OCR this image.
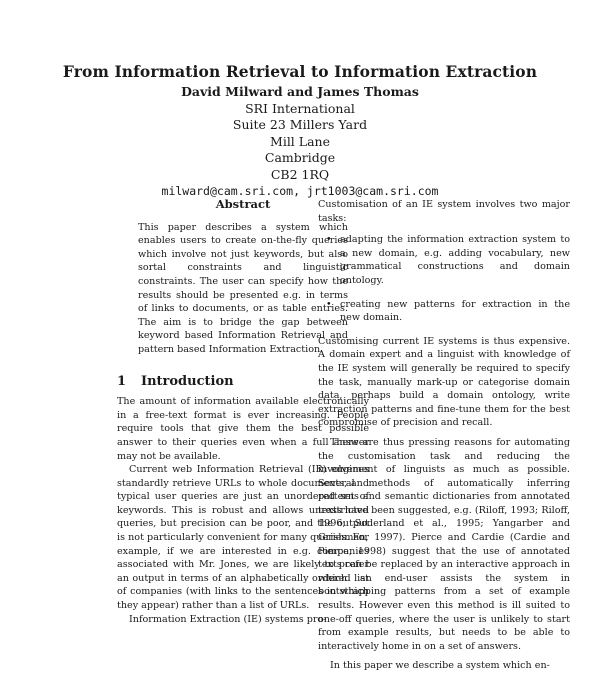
From Information Retrieval to Information Extraction
David Milward and James Thomas
SRI International
Suite 23 Millers Yard
Mill Lane
Cambridge
CB2 1RQ
milward@cam.sri.com, jrt1003@cam.sri.com
Abstract

This paper describes a system which enables users to create on-the-fly queries which involve not just keywords, but also sortal constraints and linguistic constraints. The user can specify how the results should be presented e.g. in terms of links to documents, or as table entries. The aim is to bridge the gap between keyword based Information Retrieval and pattern based Information Extraction.

1 Introduction

The amount of information available electronically in a free-text format is ever increasing. People require tools that give them the best possible answer to their queries even when a full answer may not be available.

Current web Information Retrieval (IR) engines standardly retrieve URLs to whole documents, and typical user queries are just an unordered set of keywords. This is robust and allows unrestricted queries, but precision can be poor, and the output is not particularly convenient for many queries. For example, if we are interested in e.g. companies associated with Mr. Jones, we are likely to prefer an output in terms of an alphabetically ordered list of companies (with links to the sentences in which they appear) rather than a list of URLs.

Information Extraction (IE) systems pro-

Customisation of an IE system involves two major tasks:

• adapting the information extraction system to a new domain, e.g. adding vocabulary, new grammatical constructions and domain ontology.
• creating new patterns for extraction in the new domain.

Customising current IE systems is thus expensive. A domain expert and a linguist with knowledge of the IE system will generally be required to specify the task, manually mark-up or categorise domain data, perhaps build a domain ontology, write extraction patterns and fine-tune them for the best compromise of precision and recall.

There are thus pressing reasons for automating the customisation task and reducing the involvement of linguists as much as possible. Several methods of automatically inferring patterns and semantic dictionaries from annotated texts have been suggested, e.g. (Riloff, 1993; Riloff, 1996; Soderland et al., 1995; Yangarber and Grishman, 1997). Pierce and Cardie (Cardie and Pierce, 1998) suggest that the use of annotated texts can be replaced by an interactive approach in which an end-user assists the system in bootstrapping patterns from a set of example results. However even this method is ill suited to one-off queries, where the user is unlikely to start from example results, but needs to be able to interactively home in on a set of answers.

In this paper we describe a system which en-
